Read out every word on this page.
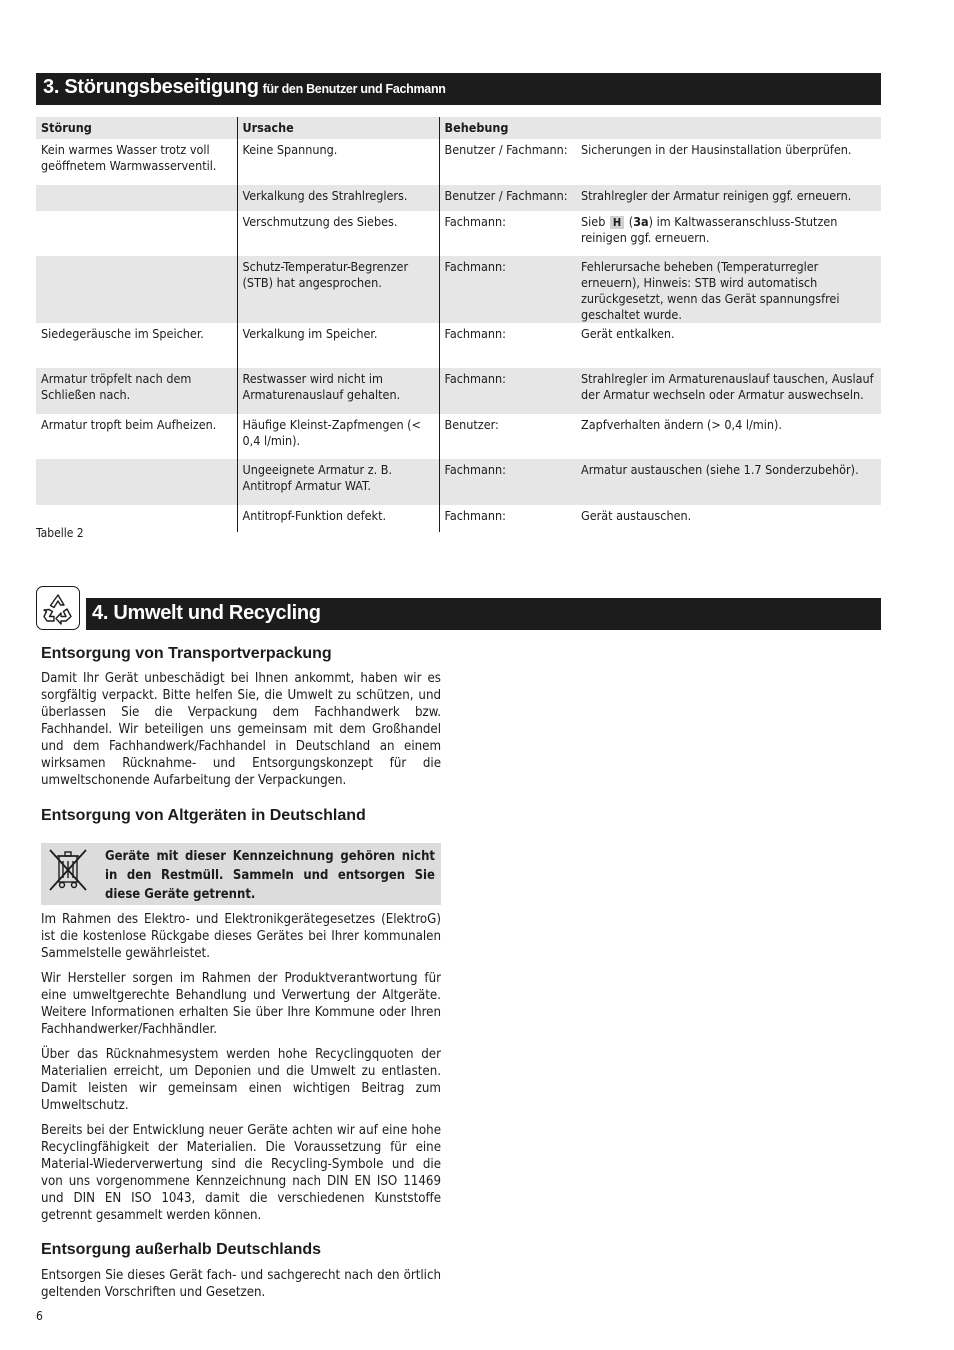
3. Störungsbeseitigung für den Benutzer und Fachmann
Störung	Ursache	Behebung	
Kein warmes Wasser trotz voll geöffnetem Warmwasserventil.	Keine Spannung.	Benutzer / Fachmann:	Sicherungen in der Hausinstallation überprüfen.
	Verkalkung des Strahlreglers.	Benutzer / Fachmann:	Strahlregler der Armatur reinigen ggf. erneuern.
	Verschmutzung des Siebes.	Fachmann:	Sieb H (3a) im Kaltwasseranschluss-Stutzen reinigen ggf. erneuern.
	Schutz-Temperatur-Begrenzer (STB) hat angesprochen.	Fachmann:	Fehlerursache beheben (Temperaturregler erneuern), Hinweis: STB wird automatisch zurückgesetzt, wenn das Gerät spannungsfrei geschaltet wurde.
Siedegeräusche im Speicher.	Verkalkung im Speicher.	Fachmann:	Gerät entkalken.
Armatur tröpfelt nach dem Schließen nach.	Restwasser wird nicht im Armaturenauslauf gehalten.	Fachmann:	Strahlregler im Armaturenauslauf tauschen, Auslauf der Armatur wechseln oder Armatur auswechseln.
Armatur tropft beim Aufheizen.	Häufige Kleinst-Zapfmengen (< 0,4 l/min).	Benutzer:	Zapfverhalten ändern (> 0,4 l/min).
	Ungeeignete Armatur z. B. Antitropf Armatur WAT.	Fachmann:	Armatur austauschen (siehe 1.7 Sonderzubehör).
	Antitropf-Funktion defekt.	Fachmann:	Gerät austauschen.
Tabelle 2
4. Umwelt und Recycling
Entsorgung von Transportverpackung

Damit Ihr Gerät unbeschädigt bei Ihnen ankommt, haben wir es sorgfältig verpackt. Bitte helfen Sie, die Umwelt zu schützen, und überlassen Sie die Verpackung dem Fachhandwerk bzw. Fachhandel. Wir beteiligen uns gemeinsam mit dem Großhandel und dem Fachhandwerk/Fachhandel in Deutschland an einem wirksamen Rücknahme- und Entsorgungskonzept für die umweltschonende Aufarbeitung der Verpackungen.

Entsorgung von Altgeräten in Deutschland
Geräte mit dieser Kennzeichnung gehören nicht in den Restmüll. Sammeln und entsorgen Sie diese Geräte getrennt.

Im Rahmen des Elektro- und Elektronikgerätegesetzes (ElektroG) ist die kostenlose Rückgabe dieses Gerätes bei Ihrer kommunalen Sammelstelle gewährleistet.

Wir Hersteller sorgen im Rahmen der Produktverantwortung für eine umweltgerechte Behandlung und Verwertung der Altgeräte. Weitere Informationen erhalten Sie über Ihre Kommune oder Ihren Fachhandwerker/Fachhändler.

Über das Rücknahmesystem werden hohe Recyclingquoten der Materialien erreicht, um Deponien und die Umwelt zu entlasten. Damit leisten wir gemeinsam einen wichtigen Beitrag zum Umweltschutz.

Bereits bei der Entwicklung neuer Geräte achten wir auf eine hohe Recyclingfähigkeit der Materialien. Die Voraussetzung für eine Material-Wiederverwertung sind die Recycling-Symbole und die von uns vorgenommene Kennzeichnung nach DIN EN ISO 11469 und DIN EN ISO 1043, damit die verschiedenen Kunststoffe getrennt gesammelt werden können.

Entsorgung außerhalb Deutschlands

Entsorgen Sie dieses Gerät fach- und sachgerecht nach den örtlich geltenden Vorschriften und Gesetzen.

6
